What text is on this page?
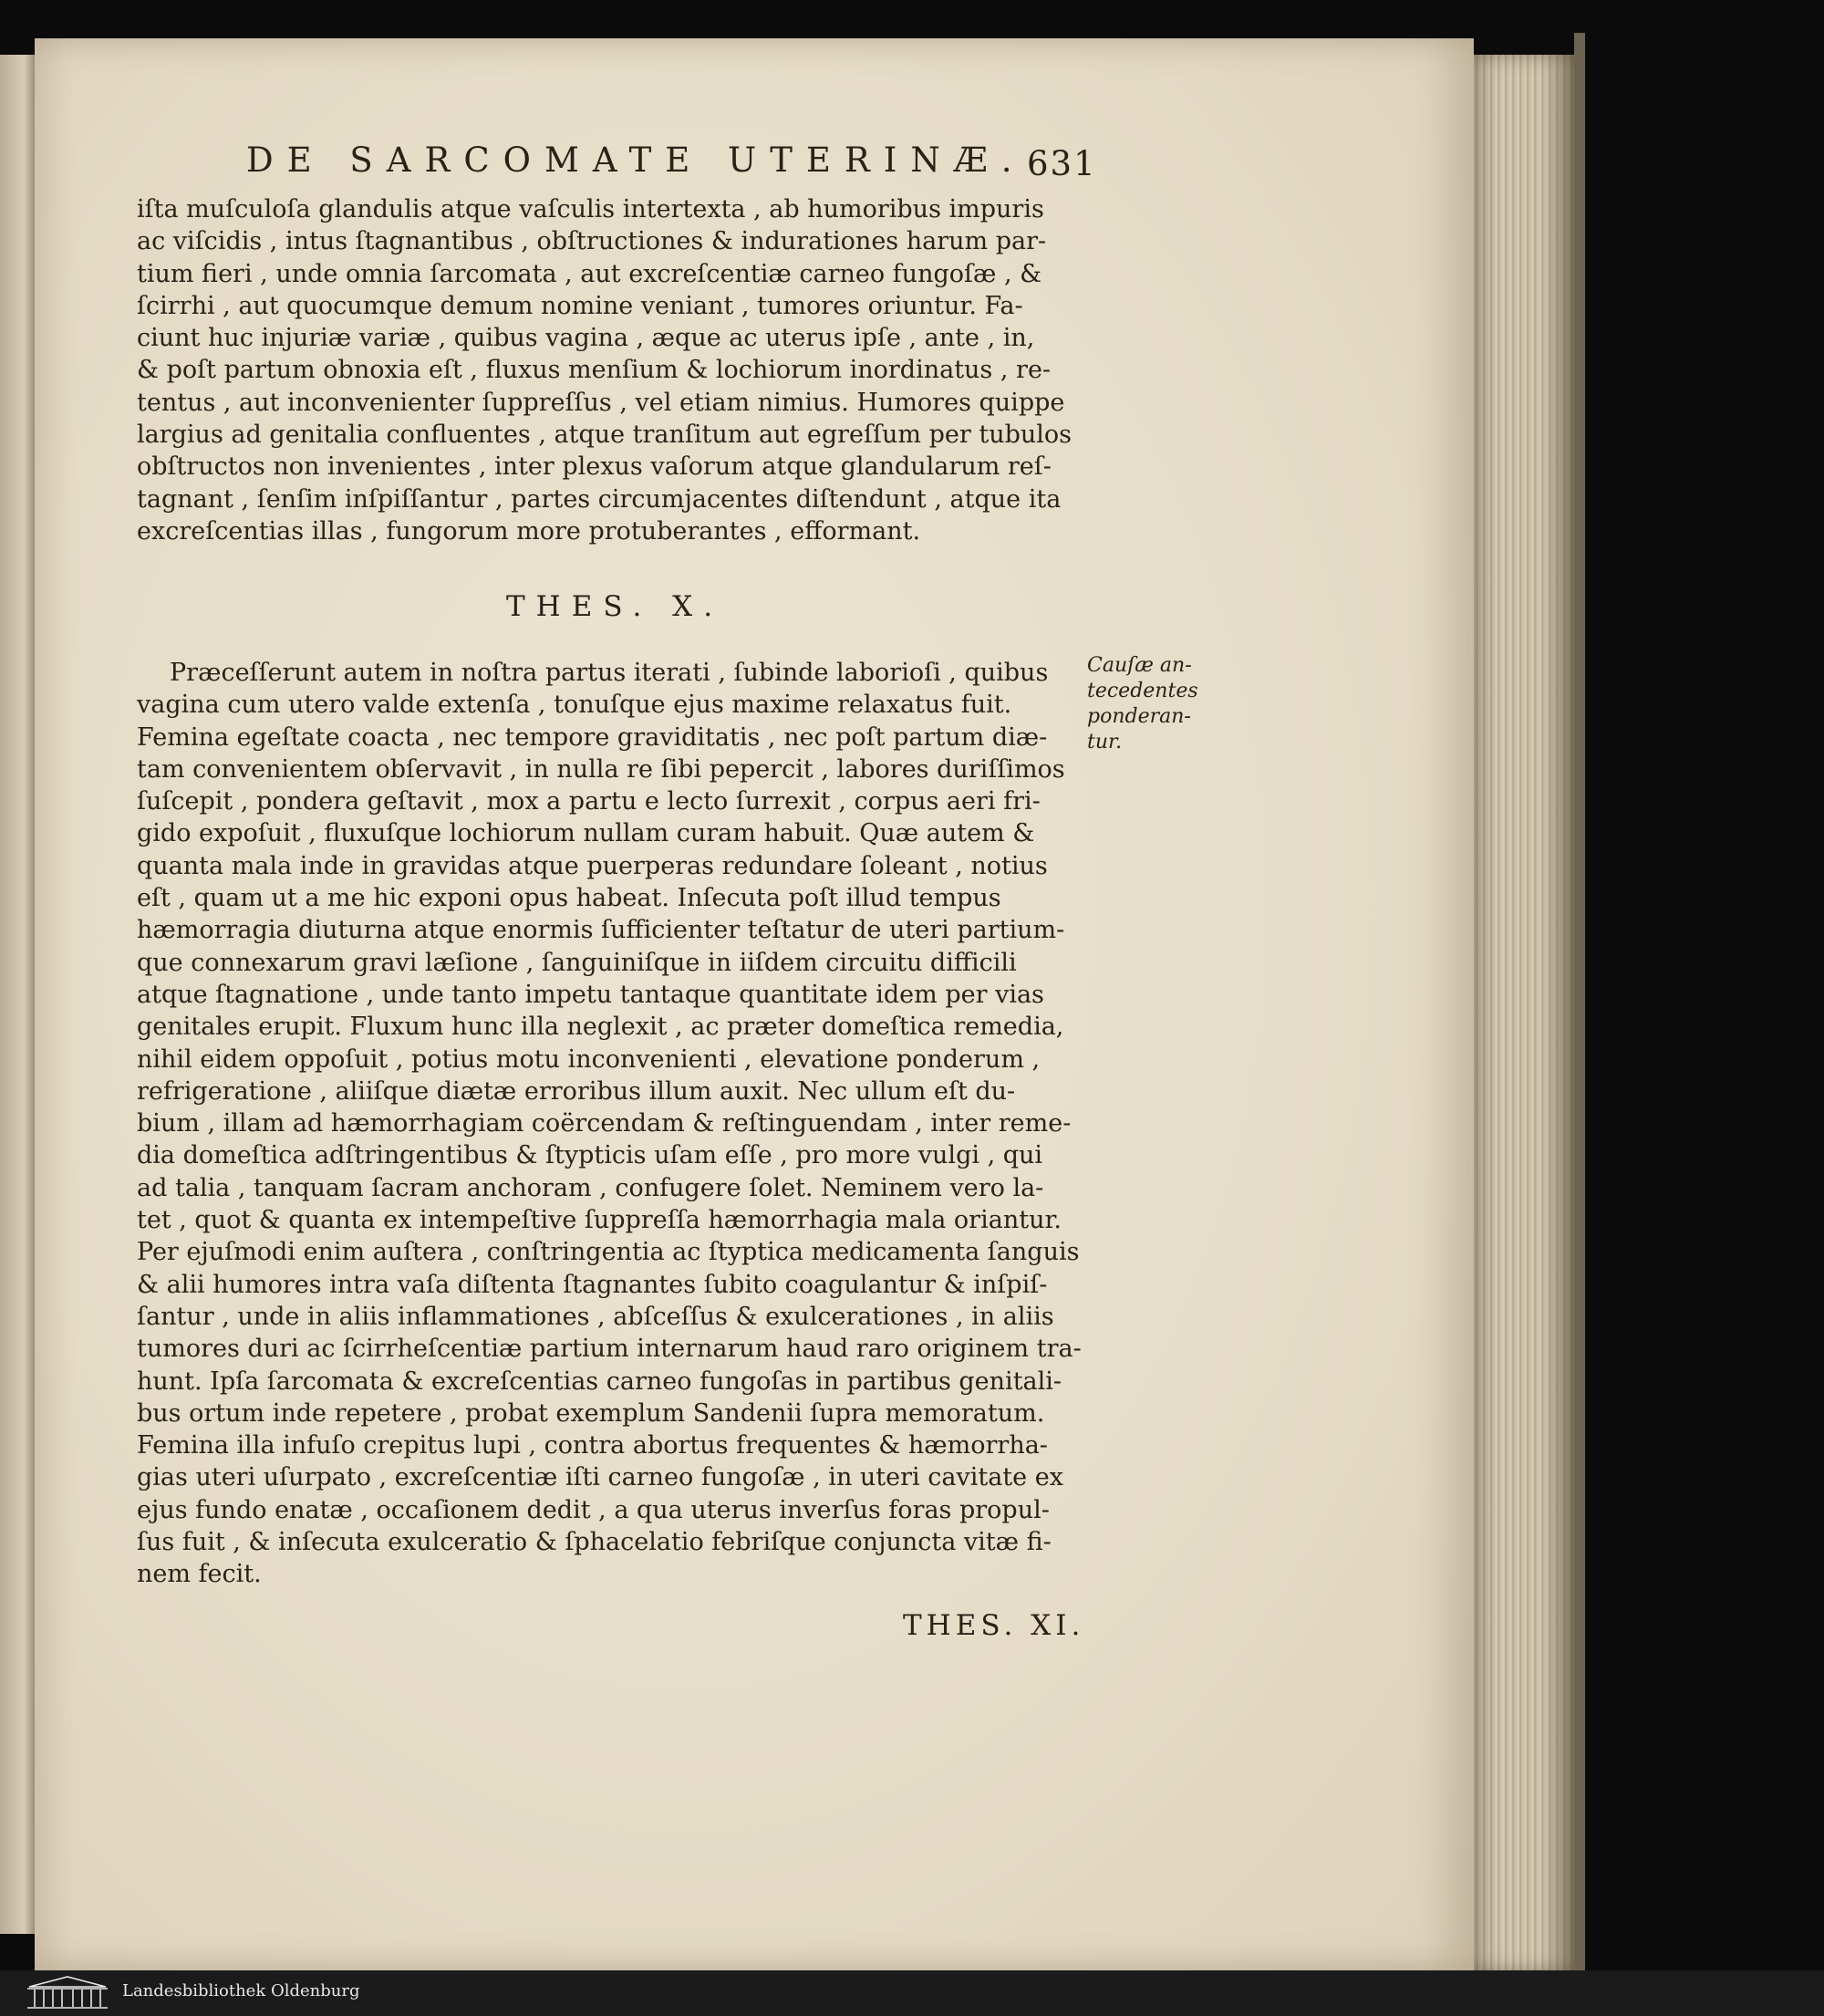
DE SARCOMATE UTERINÆ. 631
iſta muſculoſa glandulis atque vaſculis intertexta , ab humoribus impuris
ac viſcidis , intus ſtagnantibus , obſtructiones & indurationes harum par-
tium fieri , unde omnia ſarcomata , aut excreſcentiæ carneo fungoſæ , &
ſcirrhi , aut quocumque demum nomine veniant , tumores oriuntur. Fa-
ciunt huc injuriæ variæ , quibus vagina , æque ac uterus ipſe , ante , in,
& poſt partum obnoxia eſt , fluxus menſium & lochiorum inordinatus , re-
tentus , aut inconvenienter ſuppreſſus , vel etiam nimius. Humores quippe
largius ad genitalia confluentes , atque tranſitum aut egreſſum per tubulos
obſtructos non invenientes , inter plexus vaſorum atque glandularum reſ-
tagnant , ſenſim inſpiſſantur , partes circumjacentes diſtendunt , atque ita
excreſcentias illas , fungorum more protuberantes , efformant.
THES. X.
Præceſſerunt autem in noſtra partus iterati , ſubinde laborioſi , quibus
vagina cum utero valde extenſa , tonuſque ejus maxime relaxatus fuit.
Femina egeſtate coacta , nec tempore graviditatis , nec poſt partum diæ-
tam convenientem obſervavit , in nulla re ſibi pepercit , labores duriſſimos
ſuſcepit , pondera geſtavit , mox a partu e lecto ſurrexit , corpus aeri fri-
gido expoſuit , fluxuſque lochiorum nullam curam habuit. Quæ autem &
quanta mala inde in gravidas atque puerperas redundare ſoleant , notius
eſt , quam ut a me hic exponi opus habeat. Inſecuta poſt illud tempus
hæmorragia diuturna atque enormis ſufficienter teſtatur de uteri partium-
que connexarum gravi læſione , ſanguiniſque in iiſdem circuitu difficili
atque ſtagnatione , unde tanto impetu tantaque quantitate idem per vias
genitales erupit. Fluxum hunc illa neglexit , ac præter domeſtica remedia,
nihil eidem oppoſuit , potius motu inconvenienti , elevatione ponderum ,
refrigeratione , aliiſque diætæ erroribus illum auxit. Nec ullum eſt du-
bium , illam ad hæmorrhagiam coërcendam & reſtinguendam , inter reme-
dia domeſtica adſtringentibus & ſtypticis uſam eſſe , pro more vulgi , qui
ad talia , tanquam ſacram anchoram , confugere ſolet. Neminem vero la-
tet , quot & quanta ex intempeſtive ſuppreſſa hæmorrhagia mala oriantur.
Per ejuſmodi enim auſtera , conſtringentia ac ſtyptica medicamenta ſanguis
& alii humores intra vaſa diſtenta ſtagnantes ſubito coagulantur & inſpiſ-
ſantur , unde in aliis inflammationes , abſceſſus & exulcerationes , in aliis
tumores duri ac ſcirrheſcentiæ partium internarum haud raro originem tra-
hunt. Ipſa ſarcomata & excreſcentias carneo fungoſas in partibus genitali-
bus ortum inde repetere , probat exemplum Sandenii ſupra memoratum.
Femina illa infuſo crepitus lupi , contra abortus frequentes & hæmorrha-
gias uteri uſurpato , excreſcentiæ iſti carneo fungoſæ , in uteri cavitate ex
ejus fundo enatæ , occaſionem dedit , a qua uterus inverſus foras propul-
ſus fuit , & inſecuta exulceratio & ſphacelatio febriſque conjuncta vitæ fi-
nem fecit.
Cauſæ an-
tecedentes
ponderan-
tur.
THES. XI.
Landesbibliothek Oldenburg
